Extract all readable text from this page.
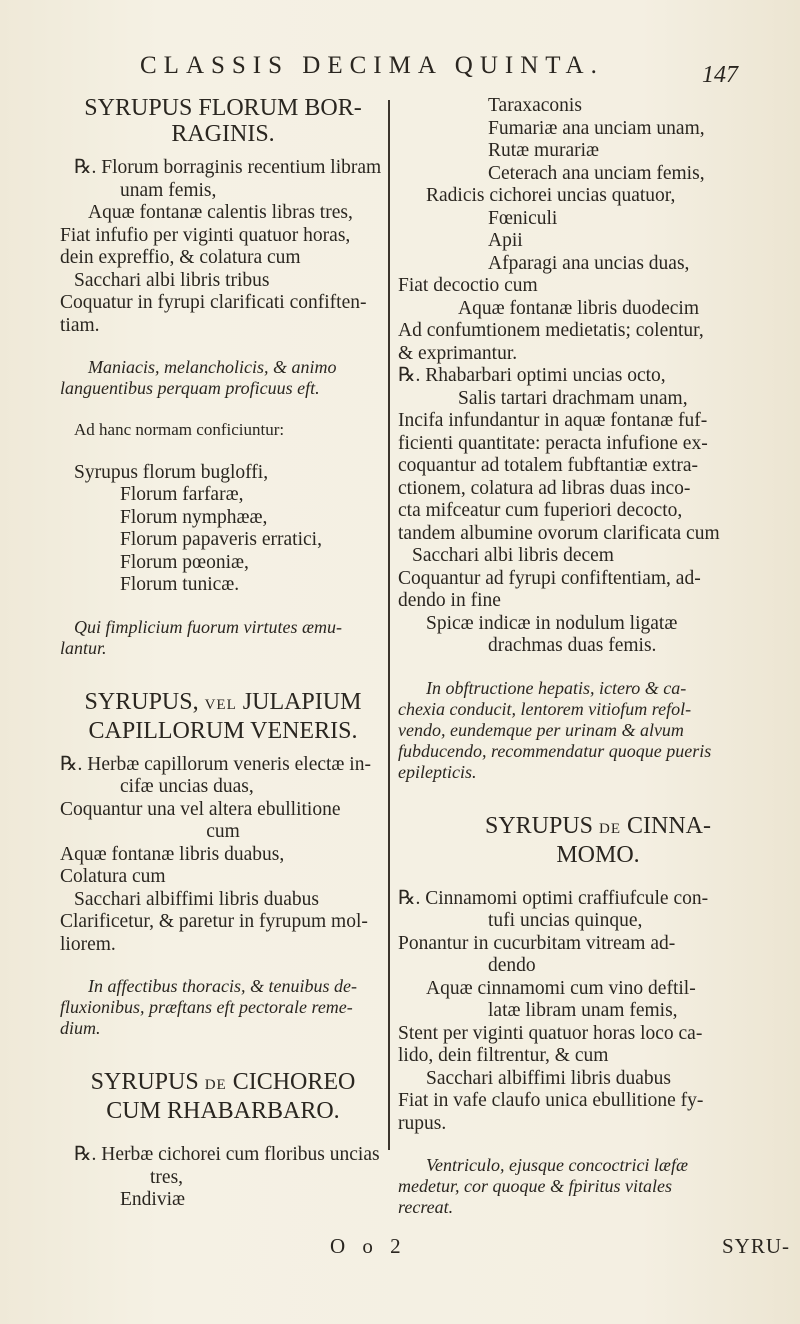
CLASSIS DECIMA QUINTA.	147

SYRUPUS FLORUM BOR-
RAGINIS.

℞. Florum borraginis recentium libram

unam femis,

Aquæ fontanæ calentis libras tres,

Fiat infufio per viginti quatuor horas,

dein expreffio, & colatura cum

Sacchari albi libris tribus

Coquatur in fyrupi clarificati confiften-

tiam.

Maniacis, melancholicis, & animo

languentibus perquam proficuus eft.

Ad hanc normam conficiuntur:

Syrupus florum bugloffi,

Florum farfaræ,

Florum nymphææ,

Florum papaveris erratici,

Florum pœoniæ,

Florum tunicæ.

Qui fimplicium fuorum virtutes æmu-

lantur.

SYRUPUS, VEL JULAPIUM
CAPILLORUM VENERIS.

℞. Herbæ capillorum veneris electæ in-

cifæ uncias duas,

Coquantur una vel altera ebullitione

cum

Aquæ fontanæ libris duabus,

Colatura cum

Sacchari albiffimi libris duabus

Clarificetur, & paretur in fyrupum mol-

liorem.

In affectibus thoracis, & tenuibus de-

fluxionibus, præftans eft pectorale reme-

dium.

SYRUPUS DE CICHOREO
CUM RHABARBARO.

℞. Herbæ cichorei cum floribus uncias

tres,

Endiviæ

Taraxaconis

Fumariæ ana unciam unam,

Rutæ murariæ

Ceterach ana unciam femis,

Radicis cichorei uncias quatuor,

Fœniculi

Apii

Afparagi ana uncias duas,

Fiat decoctio cum

Aquæ fontanæ libris duodecim

Ad confumtionem medietatis; colentur,

& exprimantur.

℞. Rhabarbari optimi uncias octo,

Salis tartari drachmam unam,

Incifa infundantur in aquæ fontanæ fuf-

ficienti quantitate: peracta infufione ex-

coquantur ad totalem fubftantiæ extra-

ctionem, colatura ad libras duas inco-

cta mifceatur cum fuperiori decocto,

tandem albumine ovorum clarificata cum

Sacchari albi libris decem

Coquantur ad fyrupi confiftentiam, ad-

dendo in fine

Spicæ indicæ in nodulum ligatæ

drachmas duas femis.

In obftructione hepatis, ictero & ca-

chexia conducit, lentorem vitiofum refol-

vendo, eundemque per urinam & alvum

fubducendo, recommendatur quoque pueris

epilepticis.

SYRUPUS DE CINNA-
MOMO.

℞. Cinnamomi optimi craffiufcule con-

tufi uncias quinque,

Ponantur in cucurbitam vitream ad-

dendo

Aquæ cinnamomi cum vino deftil-

latæ libram unam femis,

Stent per viginti quatuor horas loco ca-

lido, dein filtrentur, & cum

Sacchari albiffimi libris duabus

Fiat in vafe claufo unica ebullitione fy-

rupus.

Ventriculo, ejusque concoctrici læfæ

medetur, cor quoque & fpiritus vitales

recreat.

O o 2	SYRU-
